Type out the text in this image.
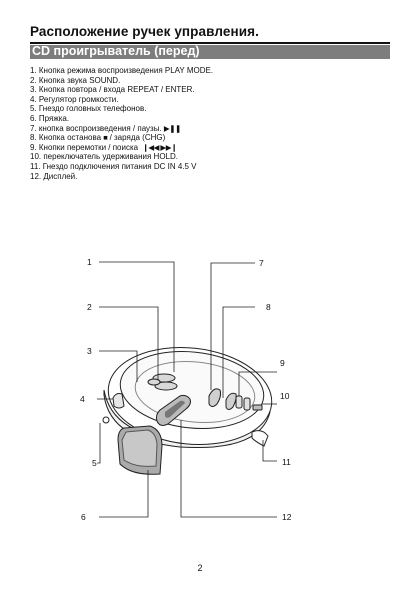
Расположение ручек управления.
CD проигрыватель (перед)
1. Кнопка режима воспроизведения PLAY MODE.
2. Кнопка звука SOUND.
3. Кнопка повтора / входа REPEAT / ENTER.
4. Регулятор громкости.
5. Гнездо головных телефонов.
6. Пряжка.
7. кнопка воспроизведения / паузы. ▶❚❚
8. Кнопка останова ■ / заряда (CHG)
9. Кнопки перемотки / поиска ❙◀◀ ▶▶❙
10. переключатель удерживания HOLD.
11. Гнездо подключения питания DC IN 4.5 V
12. Дисплей.
1
2
3
4
5
6
7
8
9
10
11
12
2
